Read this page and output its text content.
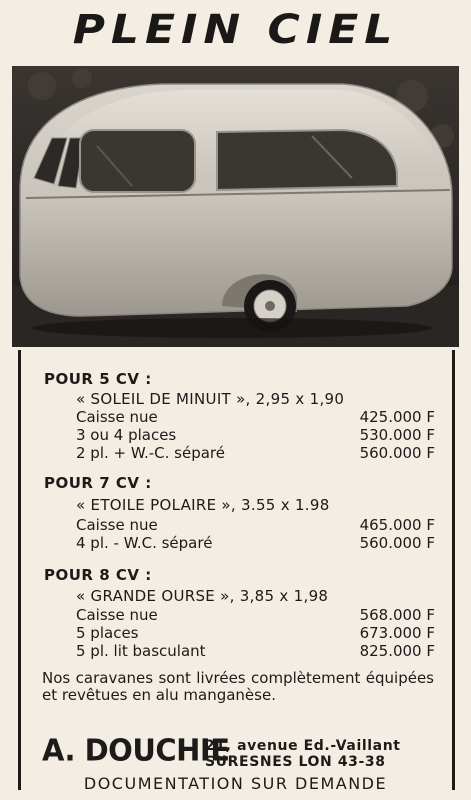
PLEIN CIEL
POUR 5 CV :
« SOLEIL DE MINUIT », 2,95 x 1,90
Caisse nue	425.000 F
3 ou 4 places	530.000 F
2 pl. + W.-C. séparé	560.000 F
POUR 7 CV :
« ETOILE POLAIRE », 3.55 x 1.98
Caisse nue	465.000 F
4 pl. - W.C. séparé	560.000 F
POUR 8 CV :
« GRANDE OURSE », 3,85 x 1,98
Caisse nue	568.000 F
5 places	673.000 F
5 pl. lit basculant	825.000 F
Nos caravanes sont livrées complètement équipées et revêtues en alu manganèse.
A. DOUCHIE
21, avenue Ed.-Vaillant
SURESNES LON 43-38
DOCUMENTATION SUR DEMANDE
